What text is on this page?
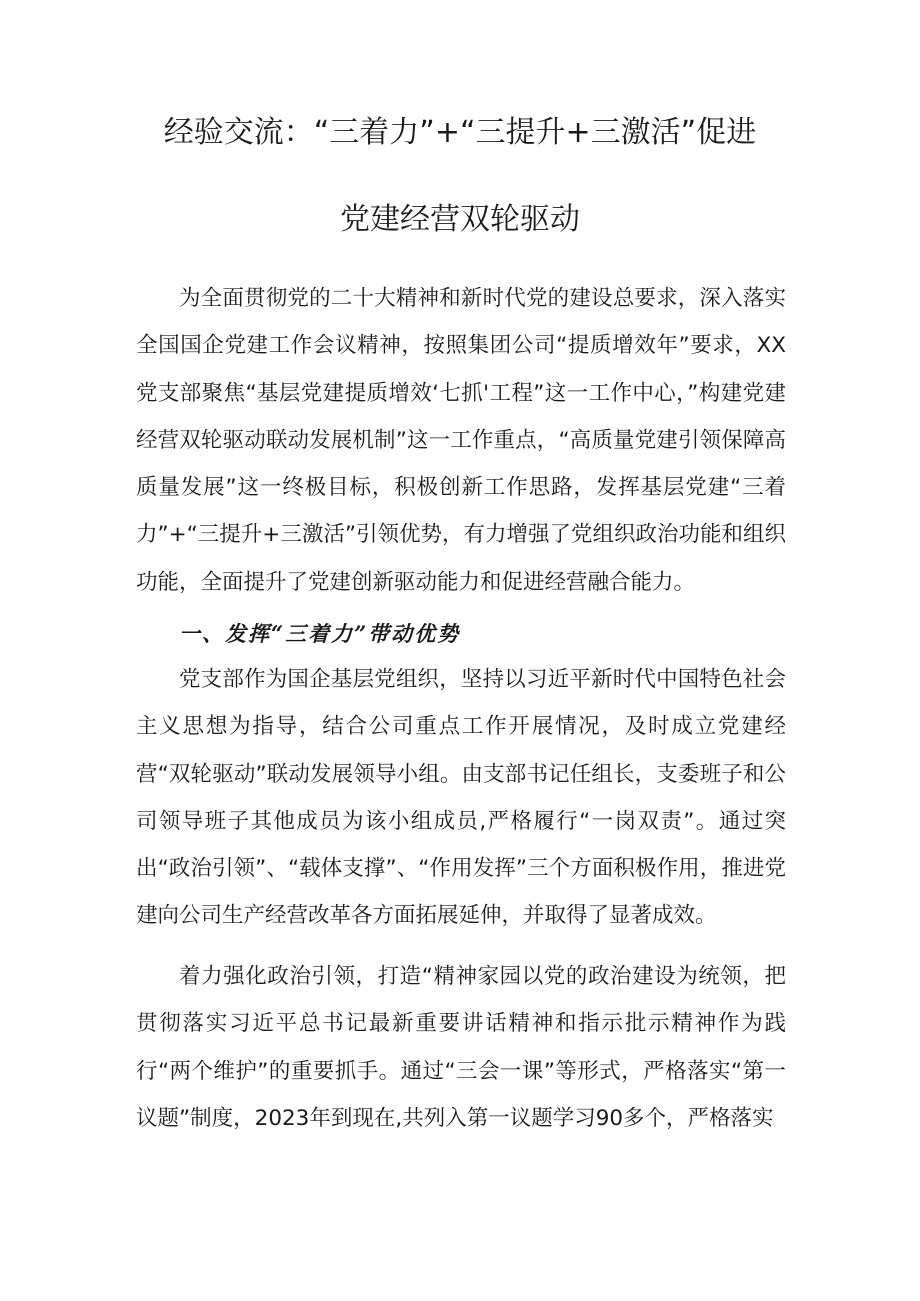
经验交流：“三着力”+“三提升+三激活”促进
党建经营双轮驱动

为全面贯彻党的二十大精神和新时代党的建设总要求，深入落实全国国企党建工作会议精神，按照集团公司“提质增效年”要求，XX党支部聚焦“基层党建提质增效‘七抓'工程”这一工作中心，”构建党建经营双轮驱动联动发展机制”这一工作重点，“高质量党建引领保障高质量发展”这一终极目标，积极创新工作思路，发挥基层党建“三着力”+“三提升+三激活”引领优势，有力增强了党组织政治功能和组织功能，全面提升了党建创新驱动能力和促进经营融合能力。

一、发挥“三着力”带动优势

党支部作为国企基层党组织，坚持以习近平新时代中国特色社会主义思想为指导，结合公司重点工作开展情况，及时成立党建经营“双轮驱动”联动发展领导小组。由支部书记任组长，支委班子和公司领导班子其他成员为该小组成员,严格履行“一岗双责”。通过突出“政治引领”、“载体支撑”、“作用发挥”三个方面积极作用，推进党建向公司生产经营改革各方面拓展延伸，并取得了显著成效。

着力强化政治引领，打造“精神家园以党的政治建设为统领，把贯彻落实习近平总书记最新重要讲话精神和指示批示精神作为践行“两个维护”的重要抓手。通过“三会一课”等形式，严格落实“第一议题”制度，2023年到现在,共列入第一议题学习90多个，严格落实
